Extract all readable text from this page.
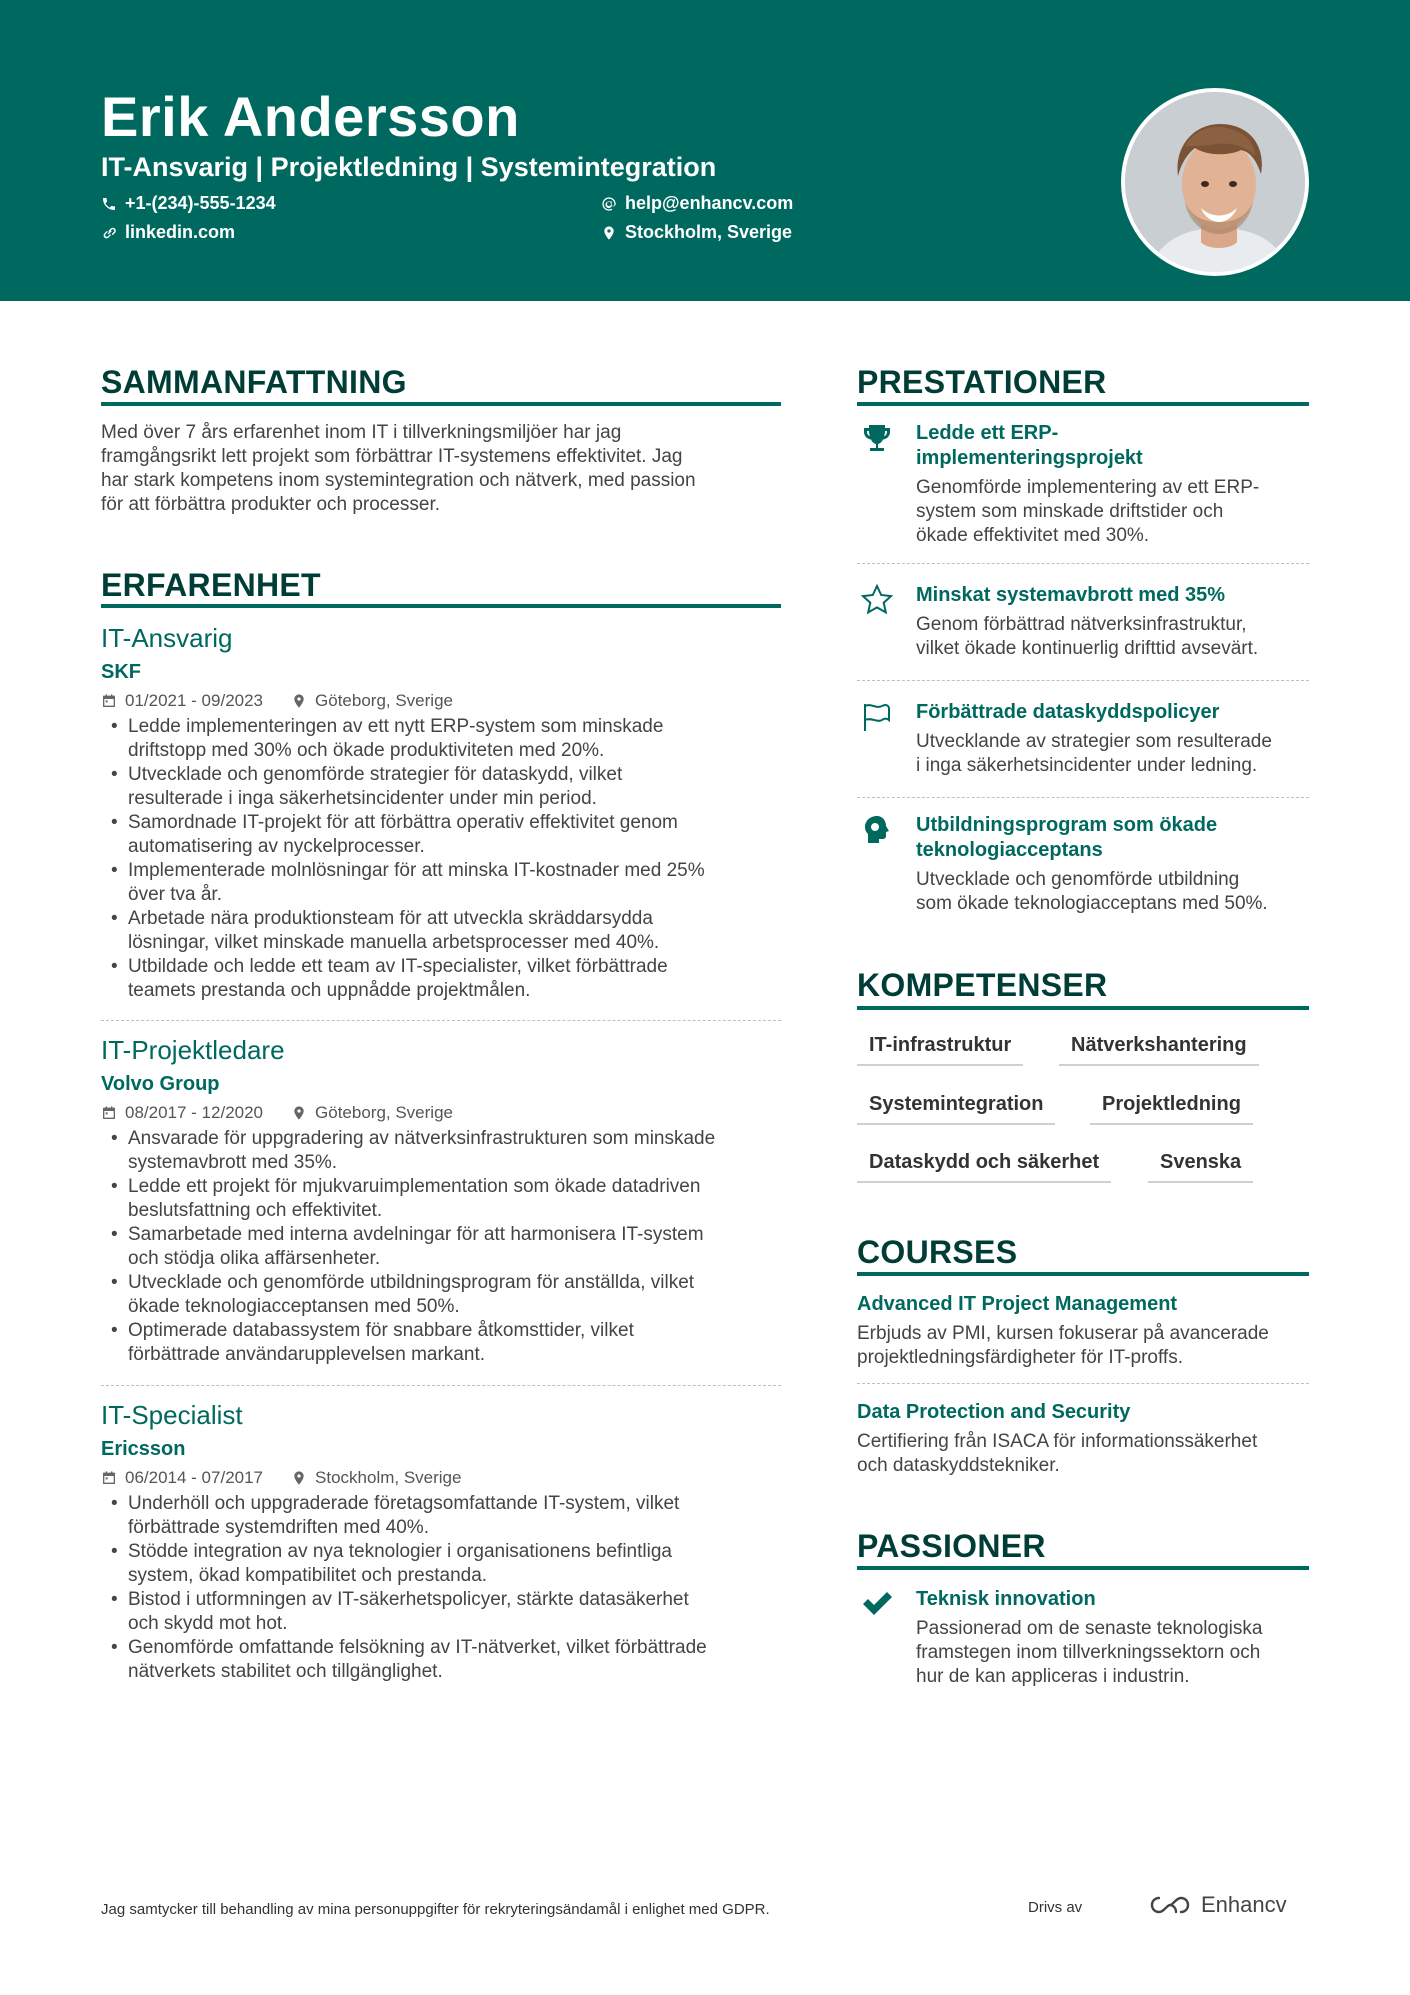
Erik Andersson
IT-Ansvarig | Projektledning | Systemintegration
+1-(234)-555-1234
linkedin.com
help@enhancv.com
Stockholm, Sverige
SAMMANFATTNING
Med över 7 års erfarenhet inom IT i tillverkningsmiljöer har jag
framgångsrikt lett projekt som förbättrar IT-systemens effektivitet. Jag
har stark kompetens inom systemintegration och nätverk, med passion
för att förbättra produkter och processer.
ERFARENHET
IT-Ansvarig
SKF
01/2021 - 09/2023	Göteborg, Sverige
• Ledde implementeringen av ett nytt ERP-system som minskade
driftstopp med 30% och ökade produktiviteten med 20%.
• Utvecklade och genomförde strategier för dataskydd, vilket
resulterade i inga säkerhetsincidenter under min period.
• Samordnade IT-projekt för att förbättra operativ effektivitet genom
automatisering av nyckelprocesser.
• Implementerade molnlösningar för att minska IT-kostnader med 25%
över tva år.
• Arbetade nära produktionsteam för att utveckla skräddarsydda
lösningar, vilket minskade manuella arbetsprocesser med 40%.
• Utbildade och ledde ett team av IT-specialister, vilket förbättrade
teamets prestanda och uppnådde projektmålen.
IT-Projektledare
Volvo Group
08/2017 - 12/2020	Göteborg, Sverige
• Ansvarade för uppgradering av nätverksinfrastrukturen som minskade
systemavbrott med 35%.
• Ledde ett projekt för mjukvaruimplementation som ökade datadriven
beslutsfattning och effektivitet.
• Samarbetade med interna avdelningar för att harmonisera IT-system
och stödja olika affärsenheter.
• Utvecklade och genomförde utbildningsprogram för anställda, vilket
ökade teknologiacceptansen med 50%.
• Optimerade databassystem för snabbare åtkomsttider, vilket
förbättrade användarupplevelsen markant.
IT-Specialist
Ericsson
06/2014 - 07/2017	Stockholm, Sverige
• Underhöll och uppgraderade företagsomfattande IT-system, vilket
förbättrade systemdriften med 40%.
• Stödde integration av nya teknologier i organisationens befintliga
system, ökad kompatibilitet och prestanda.
• Bistod i utformningen av IT-säkerhetspolicyer, stärkte datasäkerhet
och skydd mot hot.
• Genomförde omfattande felsökning av IT-nätverket, vilket förbättrade
nätverkets stabilitet och tillgänglighet.
PRESTATIONER
Ledde ett ERP-
implementeringsprojekt
Genomförde implementering av ett ERP-
system som minskade driftstider och
ökade effektivitet med 30%.
Minskat systemavbrott med 35%
Genom förbättrad nätverksinfrastruktur,
vilket ökade kontinuerlig drifttid avsevärt.
Förbättrade dataskyddspolicyer
Utvecklande av strategier som resulterade
i inga säkerhetsincidenter under ledning.
Utbildningsprogram som ökade
teknologiacceptans
Utvecklade och genomförde utbildning
som ökade teknologiacceptans med 50%.
KOMPETENSER
IT-infrastruktur	Nätverkshantering
Systemintegration	Projektledning
Dataskydd och säkerhet	Svenska
COURSES
Advanced IT Project Management
Erbjuds av PMI, kursen fokuserar på avancerade
projektledningsfärdigheter för IT-proffs.
Data Protection and Security
Certifiering från ISACA för informationssäkerhet
och dataskyddstekniker.
PASSIONER
Teknisk innovation
Passionerad om de senaste teknologiska
framstegen inom tillverkningssektorn och
hur de kan appliceras i industrin.
Jag samtycker till behandling av mina personuppgifter för rekryteringsändamål i enlighet med GDPR.	Drivs av	Enhancv
